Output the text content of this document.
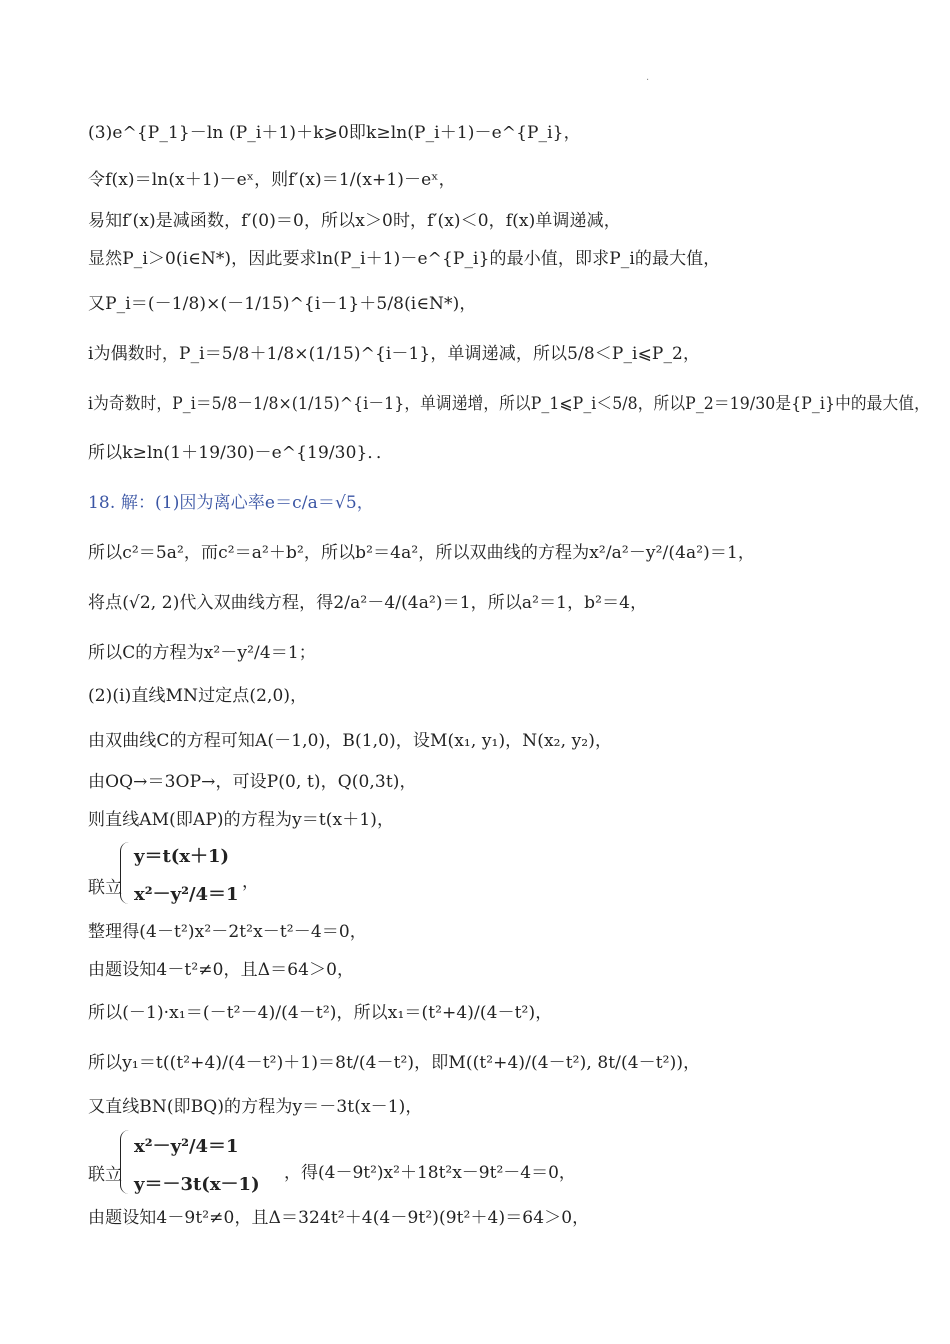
.
(3)e^{P_1}－ln (P_i＋1)＋k⩾0即k≥ln(P_i＋1)－e^{P_i}，
令f(x)＝ln(x＋1)－eˣ，则f′(x)＝1/(x+1)－eˣ，
易知f′(x)是减函数，f′(0)＝0，所以x＞0时，f′(x)＜0，f(x)单调递减，
显然P_i＞0(i∈N*)，因此要求ln(P_i＋1)－e^{P_i}的最小值，即求P_i的最大值，
又P_i＝(－1/8)×(－1/15)^{i－1}＋5/8(i∈N*)，
i为偶数时，P_i＝5/8＋1/8×(1/15)^{i－1}，单调递减，所以5/8＜P_i⩽P_2，
i为奇数时，P_i＝5/8－1/8×(1/15)^{i－1}，单调递增，所以P_1⩽P_i＜5/8，所以P_2＝19/30是{P_i}中的最大值，
所以k≥ln(1＋19/30)－e^{19/30}．．
18. 解：(1)因为离心率e＝c/a＝√5，
所以c²＝5a²，而c²＝a²＋b²，所以b²＝4a²，所以双曲线的方程为x²/a²－y²/(4a²)＝1，
将点(√2, 2)代入双曲线方程，得2/a²－4/(4a²)＝1，所以a²＝1，b²＝4，
所以C的方程为x²－y²/4＝1；
(2)(i)直线MN过定点(2,0)，
由双曲线C的方程可知A(－1,0)，B(1,0)，设M(x₁, y₁)，N(x₂, y₂)，
由OQ→＝3OP→，可设P(0, t)，Q(0,3t)，
则直线AM(即AP)的方程为y＝t(x＋1)，
联立
y＝t(x＋1)
x²－y²/4＝1
，
整理得(4－t²)x²－2t²x－t²－4＝0，
由题设知4－t²≠0，且Δ＝64＞0，
所以(－1)·x₁＝(－t²－4)/(4－t²)，所以x₁＝(t²+4)/(4－t²)，
所以y₁＝t((t²+4)/(4－t²)＋1)＝8t/(4－t²)，即M((t²+4)/(4－t²), 8t/(4－t²))，
又直线BN(即BQ)的方程为y＝－3t(x－1)，
联立
x²－y²/4＝1
y＝－3t(x－1)
，得(4－9t²)x²＋18t²x－9t²－4＝0，
由题设知4－9t²≠0，且Δ＝324t²＋4(4－9t²)(9t²＋4)＝64＞0，
